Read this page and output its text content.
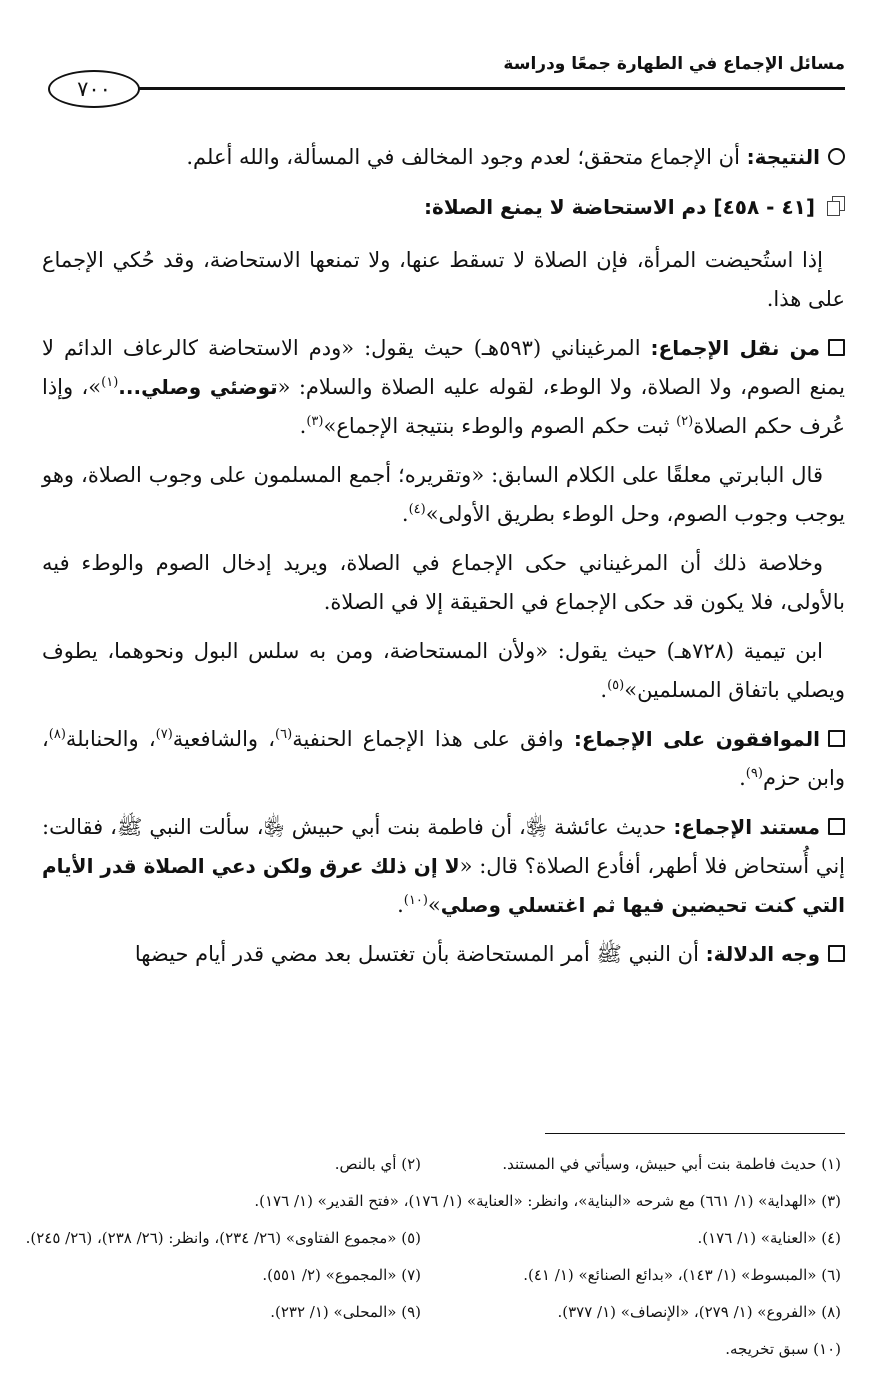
مسائل الإجماع في الطهارة جمعًا ودراسة
٧٠٠

النتيجة: أن الإجماع متحقق؛ لعدم وجود المخالف في المسألة، والله أعلم.

[٤١ - ٤٥٨] دم الاستحاضة لا يمنع الصلاة:

إذا استُحيضت المرأة، فإن الصلاة لا تسقط عنها، ولا تمنعها الاستحاضة، وقد حُكي الإجماع على هذا.

من نقل الإجماع: المرغيناني (٥٩٣هـ) حيث يقول: «ودم الاستحاضة كالرعاف الدائم لا يمنع الصوم، ولا الصلاة، ولا الوطء، لقوله عليه الصلاة والسلام: «توضئي وصلي...$^{(١)}$»، وإذا عُرف حكم الصلاة$^{(٢)}$ ثبت حكم الصوم والوطء بنتيجة الإجماع»$^{(٣)}$.

قال البابرتي معلقًا على الكلام السابق: «وتقريره؛ أجمع المسلمون على وجوب الصلاة، وهو يوجب وجوب الصوم، وحل الوطء بطريق الأولى»$^{(٤)}$.

وخلاصة ذلك أن المرغيناني حكى الإجماع في الصلاة، ويريد إدخال الصوم والوطء فيه بالأولى، فلا يكون قد حكى الإجماع في الحقيقة إلا في الصلاة.

ابن تيمية (٧٢٨هـ) حيث يقول: «ولأن المستحاضة، ومن به سلس البول ونحوهما، يطوف ويصلي باتفاق المسلمين»$^{(٥)}$.

الموافقون على الإجماع: وافق على هذا الإجماع الحنفية$^{(٦)}$، والشافعية$^{(٧)}$، والحنابلة$^{(٨)}$، وابن حزم$^{(٩)}$.

مستند الإجماع: حديث عائشة ﵂، أن فاطمة بنت أبي حبيش ﵂، سألت النبي ﷺ، فقالت: إني أُستحاض فلا أطهر، أفأدع الصلاة؟ قال: «لا إن ذلك عرق ولكن دعي الصلاة قدر الأيام التي كنت تحيضين فيها ثم اغتسلي وصلي»$^{(١٠)}$.

وجه الدلالة: أن النبي ﷺ أمر المستحاضة بأن تغتسل بعد مضي قدر أيام حيضها

(١) حديث فاطمة بنت أبي حبيش، وسيأتي في المستند.
(٢) أي بالنص.
(٣) «الهداية» (١/ ٦٦١) مع شرحه «البناية»، وانظر: «العناية» (١/ ١٧٦)، «فتح القدير» (١/ ١٧٦).
(٤) «العناية» (١/ ١٧٦).
(٥) «مجموع الفتاوى» (٢٦/ ٢٣٤)، وانظر: (٢٦/ ٢٣٨)، (٢٦/ ٢٤٥).
(٦) «المبسوط» (١/ ١٤٣)، «بدائع الصنائع» (١/ ٤١).
(٧) «المجموع» (٢/ ٥٥١).
(٨) «الفروع» (١/ ٢٧٩)، «الإنصاف» (١/ ٣٧٧).
(٩) «المحلى» (١/ ٢٣٢).
(١٠) سبق تخريجه.
